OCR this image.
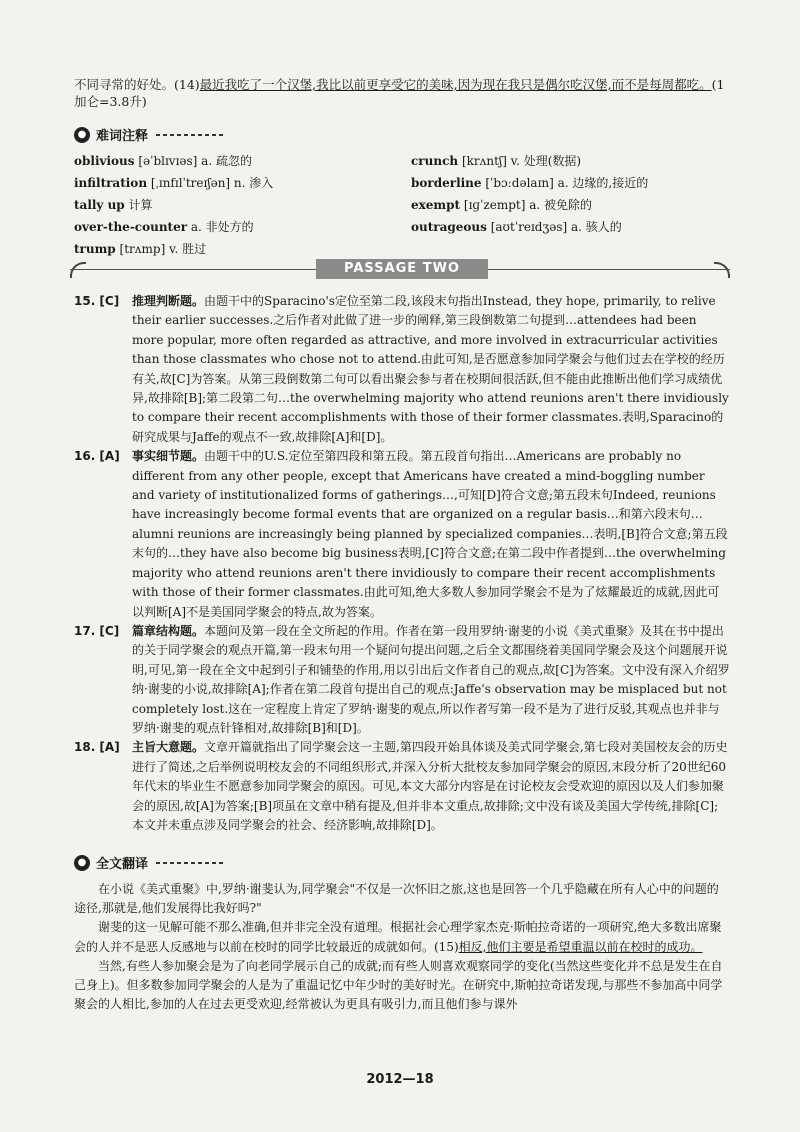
不同寻常的好处。(14)最近我吃了一个汉堡,我比以前更享受它的美味,因为现在我只是偶尔吃汉堡,而不是每周都吃。(1加仑=3.8升)
● 难词注释
oblivious [əˈblɪvɪəs] a. 疏忽的
infiltration [ˌɪnfɪlˈtreɪʃən] n. 渗入
tally up 计算
over-the-counter a. 非处方的
trump [trʌmp] v. 胜过
crunch [krʌntʃ] v. 处理(数据)
borderline [ˈbɔːdəlaɪn] a. 边缘的,接近的
exempt [ɪɡˈzempt] a. 被免除的
outrageous [aʊtˈreɪdʒəs] a. 骇人的
PASSAGE TWO
15. [C] 推理判断题。由题干中的Sparacino's定位至第二段,该段末句指出Instead, they hope, primarily, to relive their earlier successes.之后作者对此做了进一步的阐释,第三段倒数第二句提到…attendees had been more popular, more often regarded as attractive, and more involved in extracurricular activities than those classmates who chose not to attend.由此可知,是否愿意参加同学聚会与他们过去在学校的经历有关,故[C]为答案。从第三段倒数第二句可以看出聚会参与者在校期间很活跃,但不能由此推断出他们学习成绩优异,故排除[B];第二段第二句…the overwhelming majority who attend reunions aren't there invidiously to compare their recent accomplishments with those of their former classmates.表明,Sparacino的研究成果与Jaffe的观点不一致,故排除[A]和[D]。
16. [A] 事实细节题。由题干中的U.S.定位至第四段和第五段。第五段首句指出…Americans are probably no different from any other people, except that Americans have created a mind-boggling number and variety of institutionalized forms of gatherings…,可知[D]符合文意;第五段末句Indeed, reunions have increasingly become formal events that are organized on a regular basis…和第六段末句…alumni reunions are increasingly being planned by specialized companies…表明,[B]符合文意;第五段末句的…they have also become big business表明,[C]符合文意;在第二段中作者提到…the overwhelming majority who attend reunions aren't there invidiously to compare their recent accomplishments with those of their former classmates.由此可知,绝大多数人参加同学聚会不是为了炫耀最近的成就,因此可以判断[A]不是美国同学聚会的特点,故为答案。
17. [C] 篇章结构题。本题问及第一段在全文所起的作用。作者在第一段用罗纳·谢斐的小说《美式重聚》及其在书中提出的关于同学聚会的观点开篇,第一段末句用一个疑问句提出问题,之后全文都围绕着美国同学聚会及这个问题展开说明,可见,第一段在全文中起到引子和铺垫的作用,用以引出后文作者自己的观点,故[C]为答案。文中没有深入介绍罗纳·谢斐的小说,故排除[A];作者在第二段首句提出自己的观点:Jaffe's observation may be misplaced but not completely lost.这在一定程度上肯定了罗纳·谢斐的观点,所以作者写第一段不是为了进行反驳,其观点也并非与罗纳·谢斐的观点针锋相对,故排除[B]和[D]。
18. [A] 主旨大意题。文章开篇就指出了同学聚会这一主题,第四段开始具体谈及美式同学聚会,第七段对美国校友会的历史进行了简述,之后举例说明校友会的不同组织形式,并深入分析大批校友参加同学聚会的原因,末段分析了20世纪60年代末的毕业生不愿意参加同学聚会的原因。可见,本文大部分内容是在讨论校友会受欢迎的原因以及人们参加聚会的原因,故[A]为答案;[B]项虽在文章中稍有提及,但并非本文重点,故排除;文中没有谈及美国大学传统,排除[C];本文并未重点涉及同学聚会的社会、经济影响,故排除[D]。
● 全文翻译

在小说《美式重聚》中,罗纳·谢斐认为,同学聚会"不仅是一次怀旧之旅,这也是回答一个几乎隐藏在所有人心中的问题的途径,那就是,他们发展得比我好吗?"

谢斐的这一见解可能不那么准确,但并非完全没有道理。根据社会心理学家杰克·斯帕拉奇诺的一项研究,绝大多数出席聚会的人并不是恶人反感地与以前在校时的同学比较最近的成就如何。(15)相反,他们主要是希望重温以前在校时的成功。

当然,有些人参加聚会是为了向老同学展示自己的成就;而有些人则喜欢观察同学的变化(当然这些变化并不总是发生在自己身上)。但多数参加同学聚会的人是为了重温记忆中年少时的美好时光。在研究中,斯帕拉奇诺发现,与那些不参加高中同学聚会的人相比,参加的人在过去更受欢迎,经常被认为更具有吸引力,而且他们参与课外

2012—18
